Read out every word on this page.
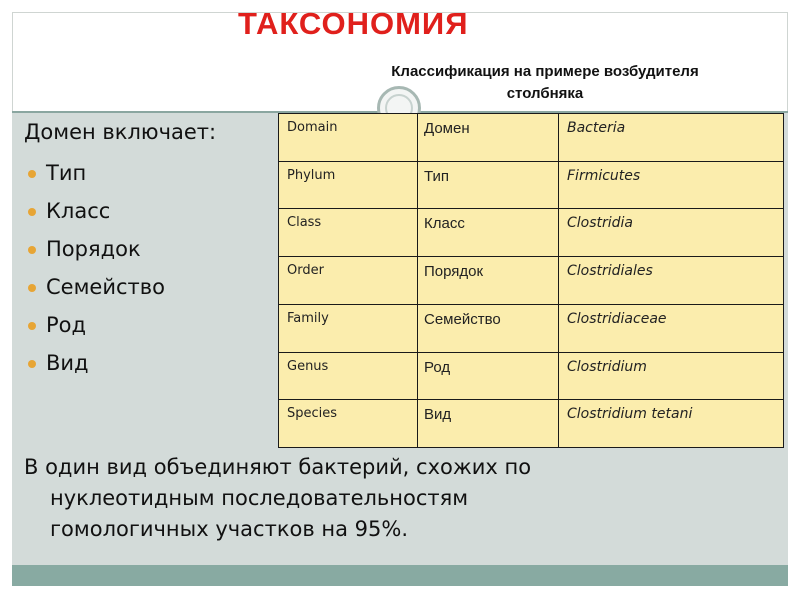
ТАКСОНОМИЯ
Классификация на примере возбудителя
столбняка
Домен включает:
Тип
Класс
Порядок
Семейство
Род
Вид
Domain	Домен	Bacteria
Phylum	Тип	Firmicutes
Class	Класс	Clostridia
Order	Порядок	Clostridiales
Family	Семейство	Clostridiaceae
Genus	Род	Clostridium
Species	Вид	Clostridium tetani
В один вид объединяют бактерий, схожих по
нуклеотидным последовательностям
гомологичных участков на 95%.
